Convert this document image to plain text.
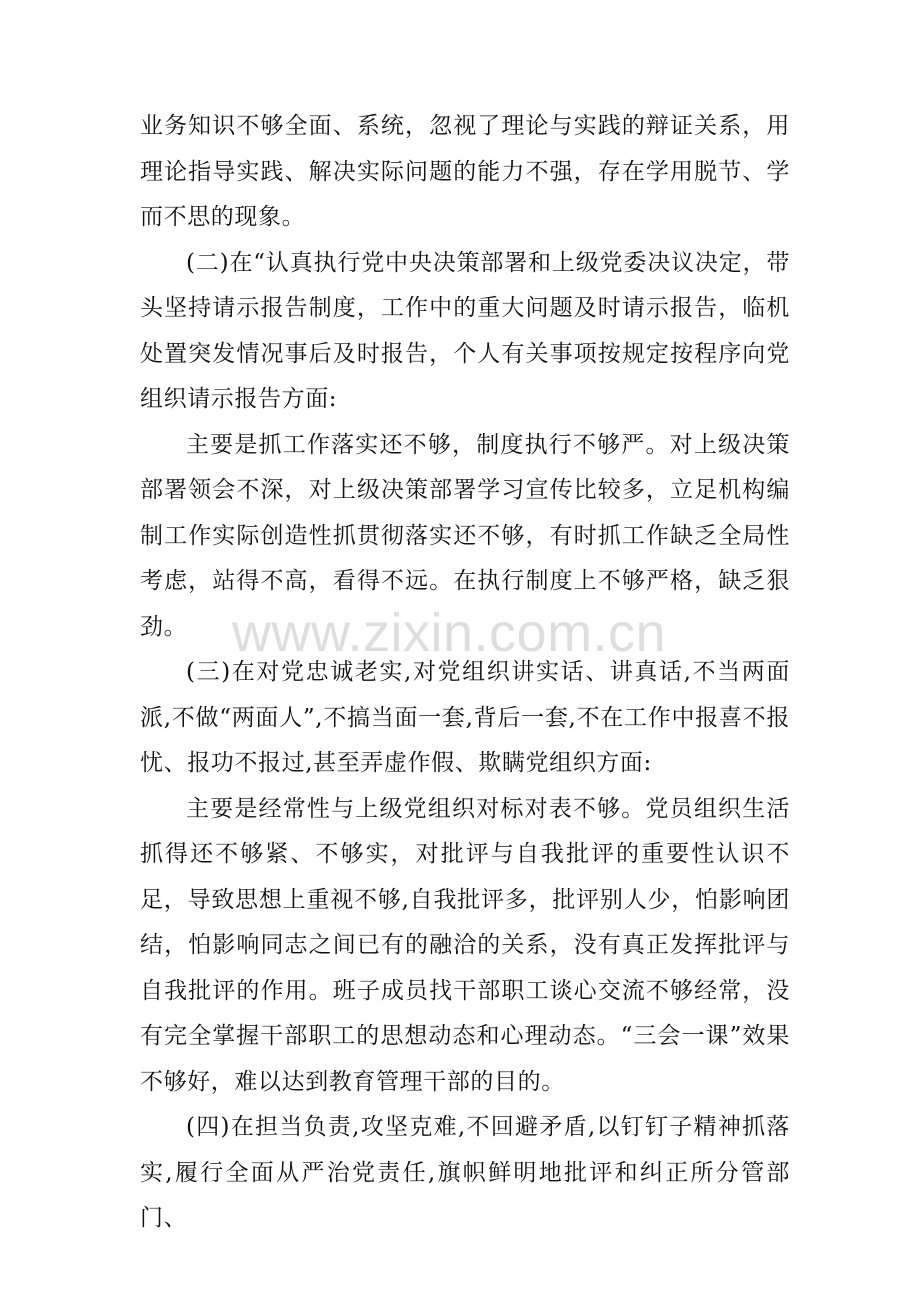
业务知识不够全面、系统，忽视了理论与实践的辩证关系，用理论指导实践、解决实际问题的能力不强，存在学用脱节、学而不思的现象。

(二)在“认真执行党中央决策部署和上级党委决议决定，带头坚持请示报告制度，工作中的重大问题及时请示报告，临机处置突发情况事后及时报告，个人有关事项按规定按程序向党组织请示报告方面:

主要是抓工作落实还不够，制度执行不够严。对上级决策部署领会不深，对上级决策部署学习宣传比较多，立足机构编制工作实际创造性抓贯彻落实还不够，有时抓工作缺乏全局性考虑，站得不高，看得不远。在执行制度上不够严格，缺乏狠劲。

(三)在对党忠诚老实,对党组织讲实话、讲真话,不当两面派,不做“两面人”,不搞当面一套,背后一套,不在工作中报喜不报忧、报功不报过,甚至弄虚作假、欺瞒党组织方面:

主要是经常性与上级党组织对标对表不够。党员组织生活抓得还不够紧、不够实，对批评与自我批评的重要性认识不足，导致思想上重视不够,自我批评多，批评别人少，怕影响团结，怕影响同志之间已有的融洽的关系，没有真正发挥批评与自我批评的作用。班子成员找干部职工谈心交流不够经常，没有完全掌握干部职工的思想动态和心理动态。“三会一课”效果不够好，难以达到教育管理干部的目的。

(四)在担当负责,攻坚克难,不回避矛盾,以钉钉子精神抓落实,履行全面从严治党责任,旗帜鲜明地批评和纠正所分管部门、

www.zixin.com.cn
